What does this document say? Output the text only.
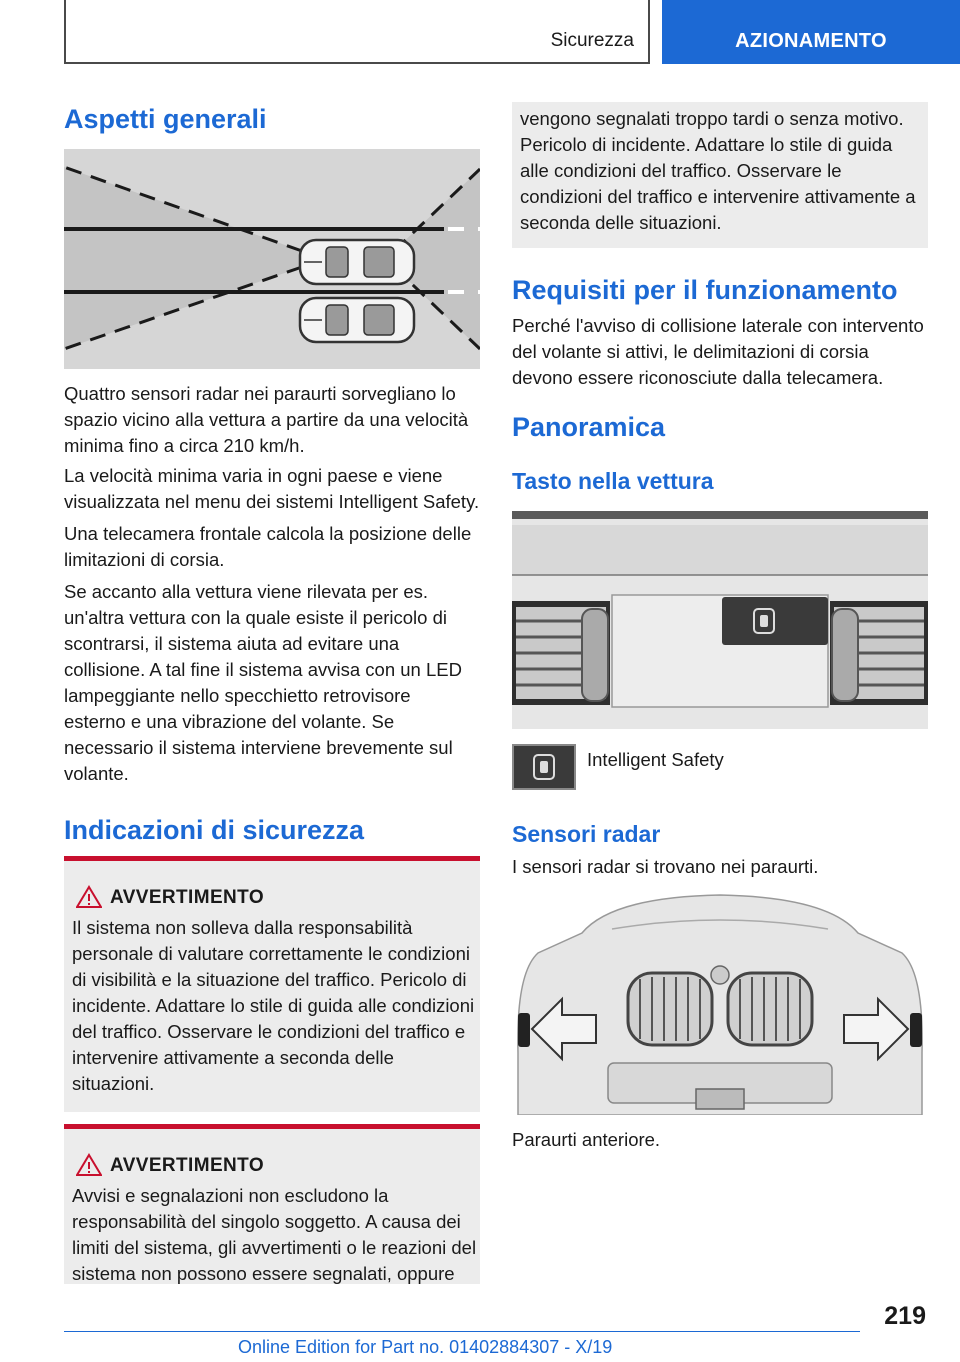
Sicurezza	AZIONAMENTO
Aspetti generali
Quattro sensori radar nei paraurti sorvegliano lo spazio vicino alla vettura a partire da una velocità minima fino a circa 210 km/h.
La velocità minima varia in ogni paese e viene visualizzata nel menu dei sistemi Intelligent Safety.
Una telecamera frontale calcola la posizione delle limitazioni di corsia.
Se accanto alla vettura viene rilevata per es. un'altra vettura con la quale esiste il pericolo di scontrarsi, il sistema aiuta ad evitare una collisione. A tal fine il sistema avvisa con un LED lampeggiante nello specchietto retrovisore esterno e una vibrazione del volante. Se necessario il sistema interviene brevemente sul volante.
Indicazioni di sicurezza
AVVERTIMENTO
Il sistema non solleva dalla responsabilità personale di valutare correttamente le condizioni di visibilità e la situazione del traffico. Pericolo di incidente. Adattare lo stile di guida alle condizioni del traffico. Osservare le condizioni del traffico e intervenire attivamente a seconda delle situazioni.
AVVERTIMENTO
Avvisi e segnalazioni non escludono la responsabilità del singolo soggetto. A causa dei limiti del sistema, gli avvertimenti o le reazioni del sistema non possono essere segnalati, oppure
vengono segnalati troppo tardi o senza motivo. Pericolo di incidente. Adattare lo stile di guida alle condizioni del traffico. Osservare le condizioni del traffico e intervenire attivamente a seconda delle situazioni.
Requisiti per il funzionamento
Perché l'avviso di collisione laterale con intervento del volante si attivi, le delimitazioni di corsia devono essere riconosciute dalla telecamera.
Panoramica
Tasto nella vettura
Intelligent Safety
Sensori radar
I sensori radar si trovano nei paraurti.
Paraurti anteriore.
219
Online Edition for Part no. 01402884307 - X/19
